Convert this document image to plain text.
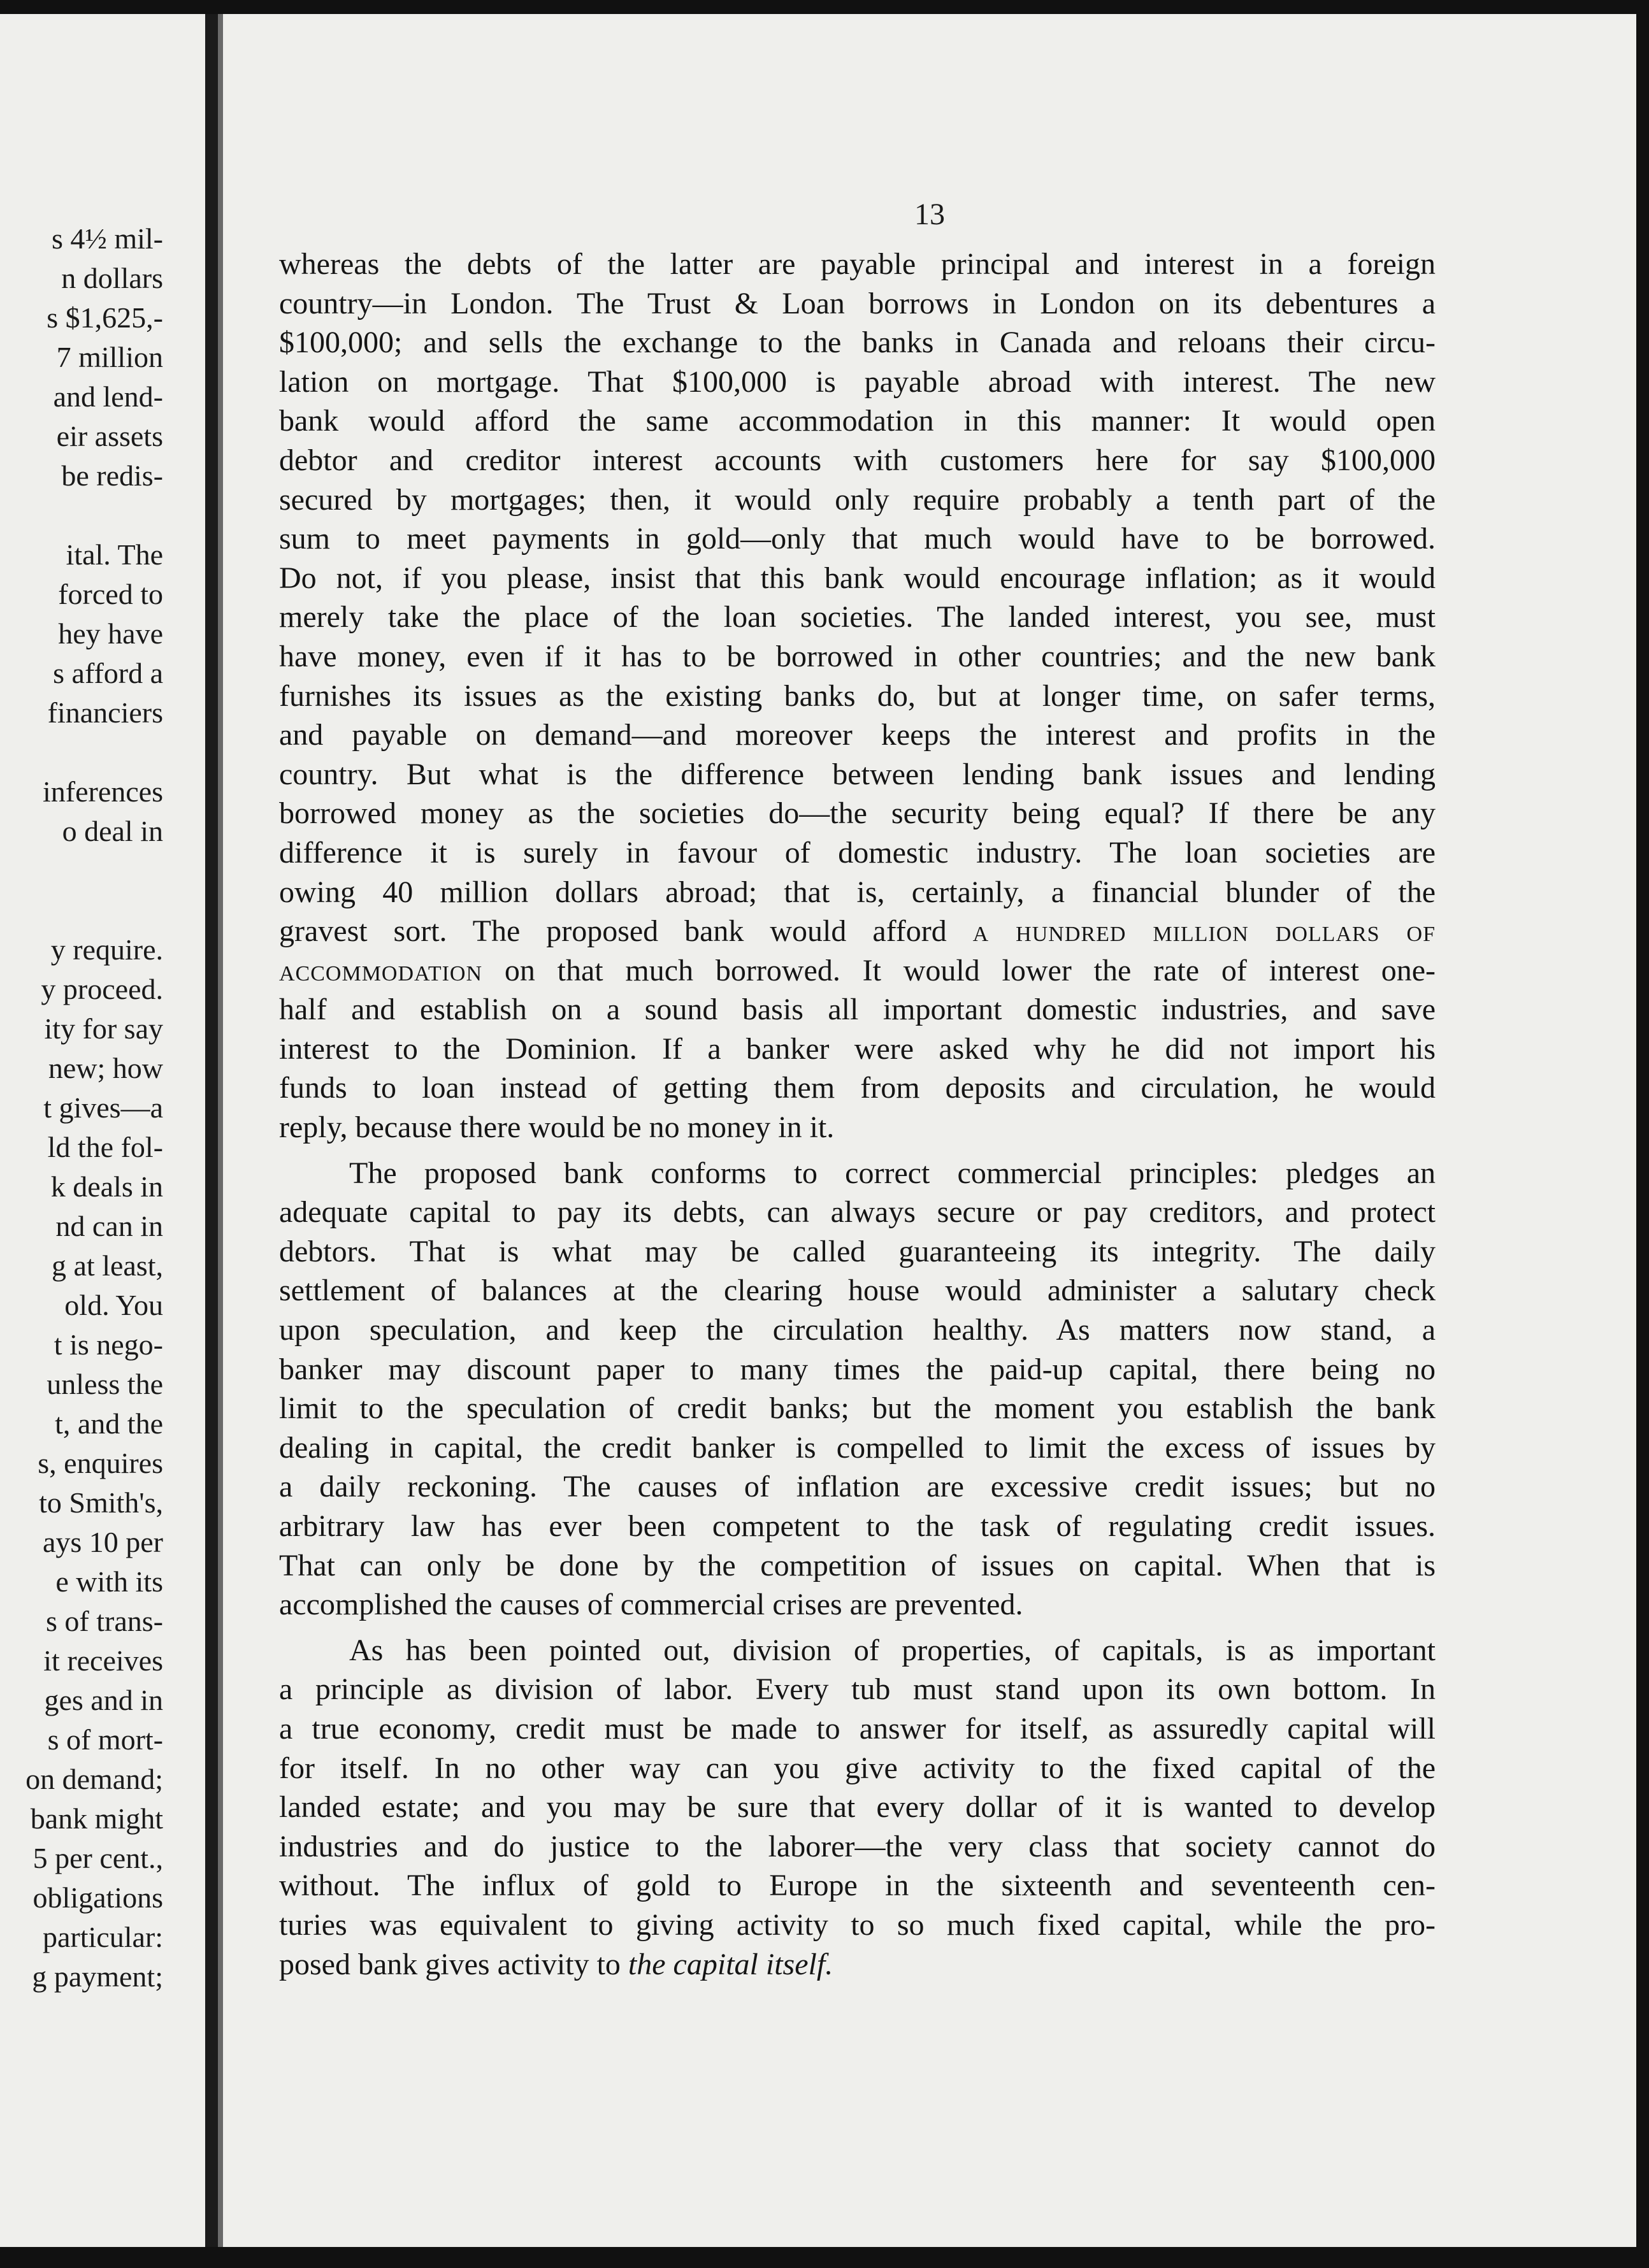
s 4½ mil-
n dollars
s $1,625,-
7 million
and lend-
eir assets
be redis-
ital. The
forced to
hey have
s afford a
financiers
inferences
o deal in
y require.
y proceed.
ity for say
new; how
t gives—a
ld the fol-
k deals in
nd can in
g at least,
old. You
t is nego-
unless the
t, and the
s, enquires
to Smith's,
ays 10 per
e with its
s of trans-
it receives
ges and in
s of mort-
on demand;
bank might
5 per cent.,
obligations
particular:
g payment;
13
whereas the debts of the latter are payable principal and interest in a foreign
country—in London. The Trust & Loan borrows in London on its debentures a
$100,000; and sells the exchange to the banks in Canada and reloans their circu-
lation on mortgage. That $100,000 is payable abroad with interest. The new
bank would afford the same accommodation in this manner: It would open
debtor and creditor interest accounts with customers here for say $100,000
secured by mortgages; then, it would only require probably a tenth part of the
sum to meet payments in gold—only that much would have to be borrowed.
Do not, if you please, insist that this bank would encourage inflation; as it would
merely take the place of the loan societies. The landed interest, you see, must
have money, even if it has to be borrowed in other countries; and the new bank
furnishes its issues as the existing banks do, but at longer time, on safer terms,
and payable on demand—and moreover keeps the interest and profits in the
country. But what is the difference between lending bank issues and lending
borrowed money as the societies do—the security being equal? If there be any
difference it is surely in favour of domestic industry. The loan societies are
owing 40 million dollars abroad; that is, certainly, a financial blunder of the
gravest sort. The proposed bank would afford a hundred million dollars of
accommodation on that much borrowed. It would lower the rate of interest one-
half and establish on a sound basis all important domestic industries, and save
interest to the Dominion. If a banker were asked why he did not import his
funds to loan instead of getting them from deposits and circulation, he would
reply, because there would be no money in it.
The proposed bank conforms to correct commercial principles: pledges an
adequate capital to pay its debts, can always secure or pay creditors, and protect
debtors. That is what may be called guaranteeing its integrity. The daily
settlement of balances at the clearing house would administer a salutary check
upon speculation, and keep the circulation healthy. As matters now stand, a
banker may discount paper to many times the paid-up capital, there being no
limit to the speculation of credit banks; but the moment you establish the bank
dealing in capital, the credit banker is compelled to limit the excess of issues by
a daily reckoning. The causes of inflation are excessive credit issues; but no
arbitrary law has ever been competent to the task of regulating credit issues.
That can only be done by the competition of issues on capital. When that is
accomplished the causes of commercial crises are prevented.
As has been pointed out, division of properties, of capitals, is as important
a principle as division of labor. Every tub must stand upon its own bottom. In
a true economy, credit must be made to answer for itself, as assuredly capital will
for itself. In no other way can you give activity to the fixed capital of the
landed estate; and you may be sure that every dollar of it is wanted to develop
industries and do justice to the laborer—the very class that society cannot do
without. The influx of gold to Europe in the sixteenth and seventeenth cen-
turies was equivalent to giving activity to so much fixed capital, while the pro-
posed bank gives activity to the capital itself.
